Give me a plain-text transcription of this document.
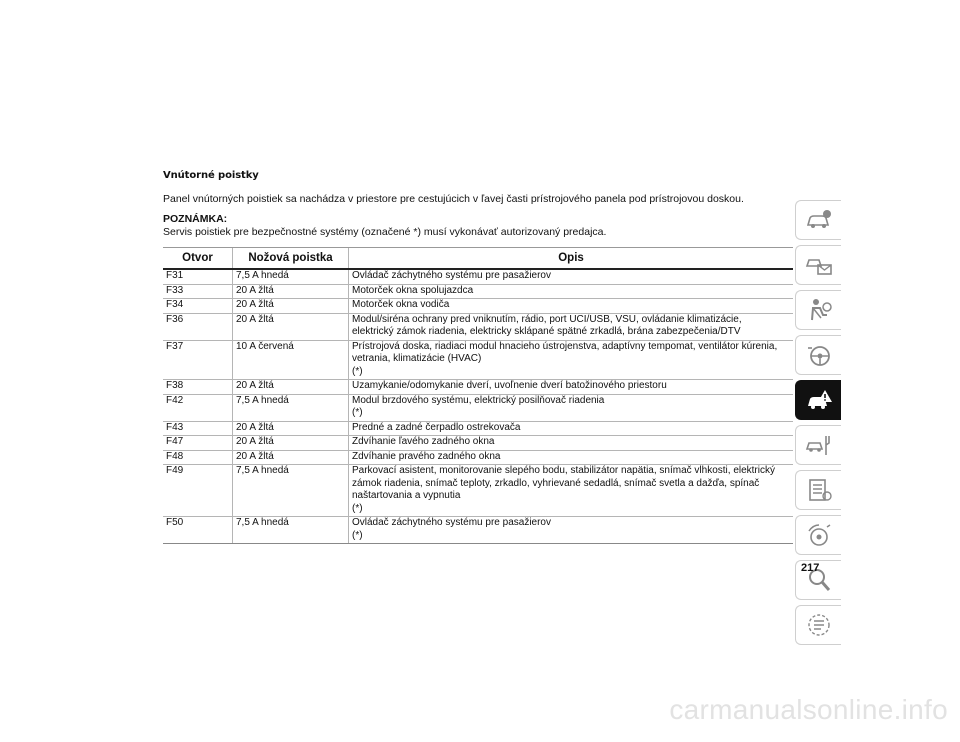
Vnútorné poistky
Panel vnútorných poistiek sa nachádza v priestore pre cestujúcich v ľavej časti prístrojového panela pod prístrojovou doskou.
POZNÁMKA:
Servis poistiek pre bezpečnostné systémy (označené *) musí vykonávať autorizovaný predajca.
Otvor	Nožová poistka	Opis
F31	7,5 A hnedá	Ovládač záchytného systému pre pasažierov

F33	20 A žltá	Motorček okna spolujazdca

F34	20 A žltá	Motorček okna vodiča

F36	20 A žltá	Modul/siréna ochrany pred vniknutím, rádio, port UCI/USB, VSU, ovládanie klimatizácie,
elektrický zámok riadenia, elektricky sklápané spätné zrkadlá, brána zabezpečenia/DTV

F37	10 A červená	Prístrojová doska, riadiaci modul hnacieho ústrojenstva, adaptívny tempomat, ventilátor kúrenia,
vetrania, klimatizácie (HVAC)
(*)

F38	20 A žltá	Uzamykanie/odomykanie dverí, uvoľnenie dverí batožinového priestoru

F42	7,5 A hnedá	Modul brzdového systému, elektrický posilňovač riadenia
(*)

F43	20 A žltá	Predné a zadné čerpadlo ostrekovača

F47	20 A žltá	Zdvíhanie ľavého zadného okna

F48	20 A žltá	Zdvíhanie pravého zadného okna

F49	7,5 A hnedá	Parkovací asistent, monitorovanie slepého bodu, stabilizátor napätia, snímač vlhkosti, elektrický
zámok riadenia, snímač teploty, zrkadlo, vyhrievané sedadlá, snímač svetla a dažďa, spínač
naštartovania a vypnutia
(*)

F50	7,5 A hnedá	Ovládač záchytného systému pre pasažierov
(*)
217
carmanualsonline.info
